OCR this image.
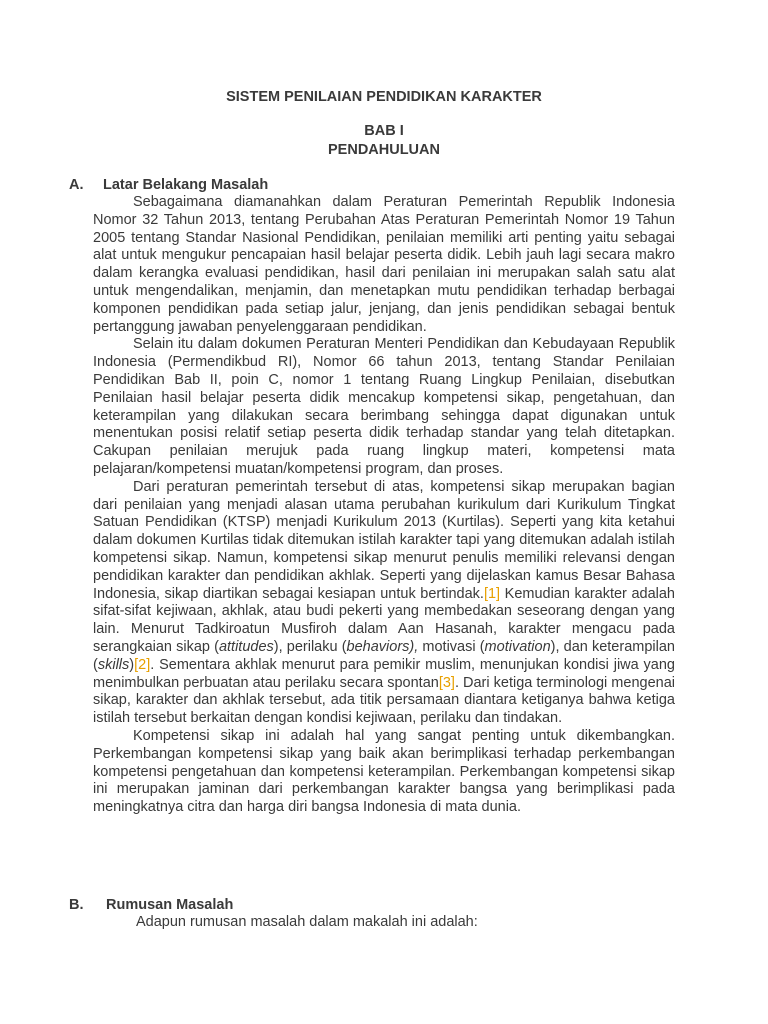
SISTEM PENILAIAN PENDIDIKAN KARAKTER
BAB I
PENDAHULUAN
A. Latar Belakang Masalah

Sebagaimana diamanahkan dalam Peraturan Pemerintah Republik Indonesia Nomor 32 Tahun 2013, tentang Perubahan Atas Peraturan Pemerintah Nomor 19 Tahun 2005 tentang Standar Nasional Pendidikan, penilaian memiliki arti penting yaitu sebagai alat untuk mengukur pencapaian hasil belajar peserta didik. Lebih jauh lagi secara makro dalam kerangka evaluasi pendidikan, hasil dari penilaian ini merupakan salah satu alat untuk mengendalikan, menjamin, dan menetapkan mutu pendidikan terhadap berbagai komponen pendidikan pada setiap jalur, jenjang, dan jenis pendidikan sebagai bentuk pertanggung jawaban penyelenggaraan pendidikan.

Selain itu dalam dokumen Peraturan Menteri Pendidikan dan Kebudayaan Republik Indonesia (Permendikbud RI), Nomor 66 tahun 2013, tentang Standar Penilaian Pendidikan Bab II, poin C, nomor 1 tentang Ruang Lingkup Penilaian, disebutkan Penilaian hasil belajar peserta didik mencakup kompetensi sikap, pengetahuan, dan keterampilan yang dilakukan secara berimbang sehingga dapat digunakan untuk menentukan posisi relatif setiap peserta didik terhadap standar yang telah ditetapkan. Cakupan penilaian merujuk pada ruang lingkup materi, kompetensi mata pelajaran/kompetensi muatan/kompetensi program, dan proses.

Dari peraturan pemerintah tersebut di atas, kompetensi sikap merupakan bagian dari penilaian yang menjadi alasan utama perubahan kurikulum dari Kurikulum Tingkat Satuan Pendidikan (KTSP) menjadi Kurikulum 2013 (Kurtilas). Seperti yang kita ketahui dalam dokumen Kurtilas tidak ditemukan istilah karakter tapi yang ditemukan adalah istilah kompetensi sikap. Namun, kompetensi sikap menurut penulis memiliki relevansi dengan pendidikan karakter dan pendidikan akhlak. Seperti yang dijelaskan kamus Besar Bahasa Indonesia, sikap diartikan sebagai kesiapan untuk bertindak.[1] Kemudian karakter adalah sifat-sifat kejiwaan, akhlak, atau budi pekerti yang membedakan seseorang dengan yang lain. Menurut Tadkiroatun Musfiroh dalam Aan Hasanah, karakter mengacu pada serangkaian sikap (attitudes), perilaku (behaviors), motivasi (motivation), dan keterampilan (skills)[2]. Sementara akhlak menurut para pemikir muslim, menunjukan kondisi jiwa yang menimbulkan perbuatan atau perilaku secara spontan[3]. Dari ketiga terminologi mengenai sikap, karakter dan akhlak tersebut, ada titik persamaan diantara ketiganya bahwa ketiga istilah tersebut berkaitan dengan kondisi kejiwaan, perilaku dan tindakan.

Kompetensi sikap ini adalah hal yang sangat penting untuk dikembangkan. Perkembangan kompetensi sikap yang baik akan berimplikasi terhadap perkembangan kompetensi pengetahuan dan kompetensi keterampilan. Perkembangan kompetensi sikap ini merupakan jaminan dari perkembangan karakter bangsa yang berimplikasi pada meningkatnya citra dan harga diri bangsa Indonesia di mata dunia.

B. Rumusan Masalah

Adapun rumusan masalah dalam makalah ini adalah:
